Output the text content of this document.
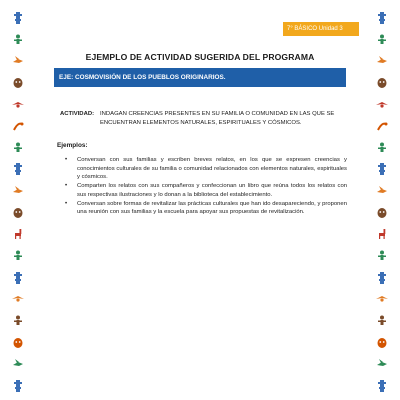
7° BÁSICO Unidad 3
EJEMPLO DE ACTIVIDAD SUGERIDA DEL PROGRAMA
EJE: COSMOVISIÓN DE LOS PUEBLOS ORIGINARIOS.
ACTIVIDAD: INDAGAN CREENCIAS PRESENTES EN SU FAMILIA O COMUNIDAD EN LAS QUE SE ENCUENTRAN ELEMENTOS NATURALES, ESPIRITUALES Y CÓSMICOS.
Ejemplos:
• Conversan con sus familias y escriben breves relatos, en los que se expresen creencias y conocimientos culturales de su familia o comunidad relacionados con elementos naturales, espirituales y cósmicos.
• Comparten los relatos con sus compañeros y confeccionan un libro que reúna todos los relatos con sus respectivas ilustraciones y lo donan a la biblioteca del establecimiento.
• Conversan sobre formas de revitalizar las prácticas culturales que han ido desapareciendo, y proponen una reunión con sus familias y la escuela para apoyar sus propuestas de revitalización.
